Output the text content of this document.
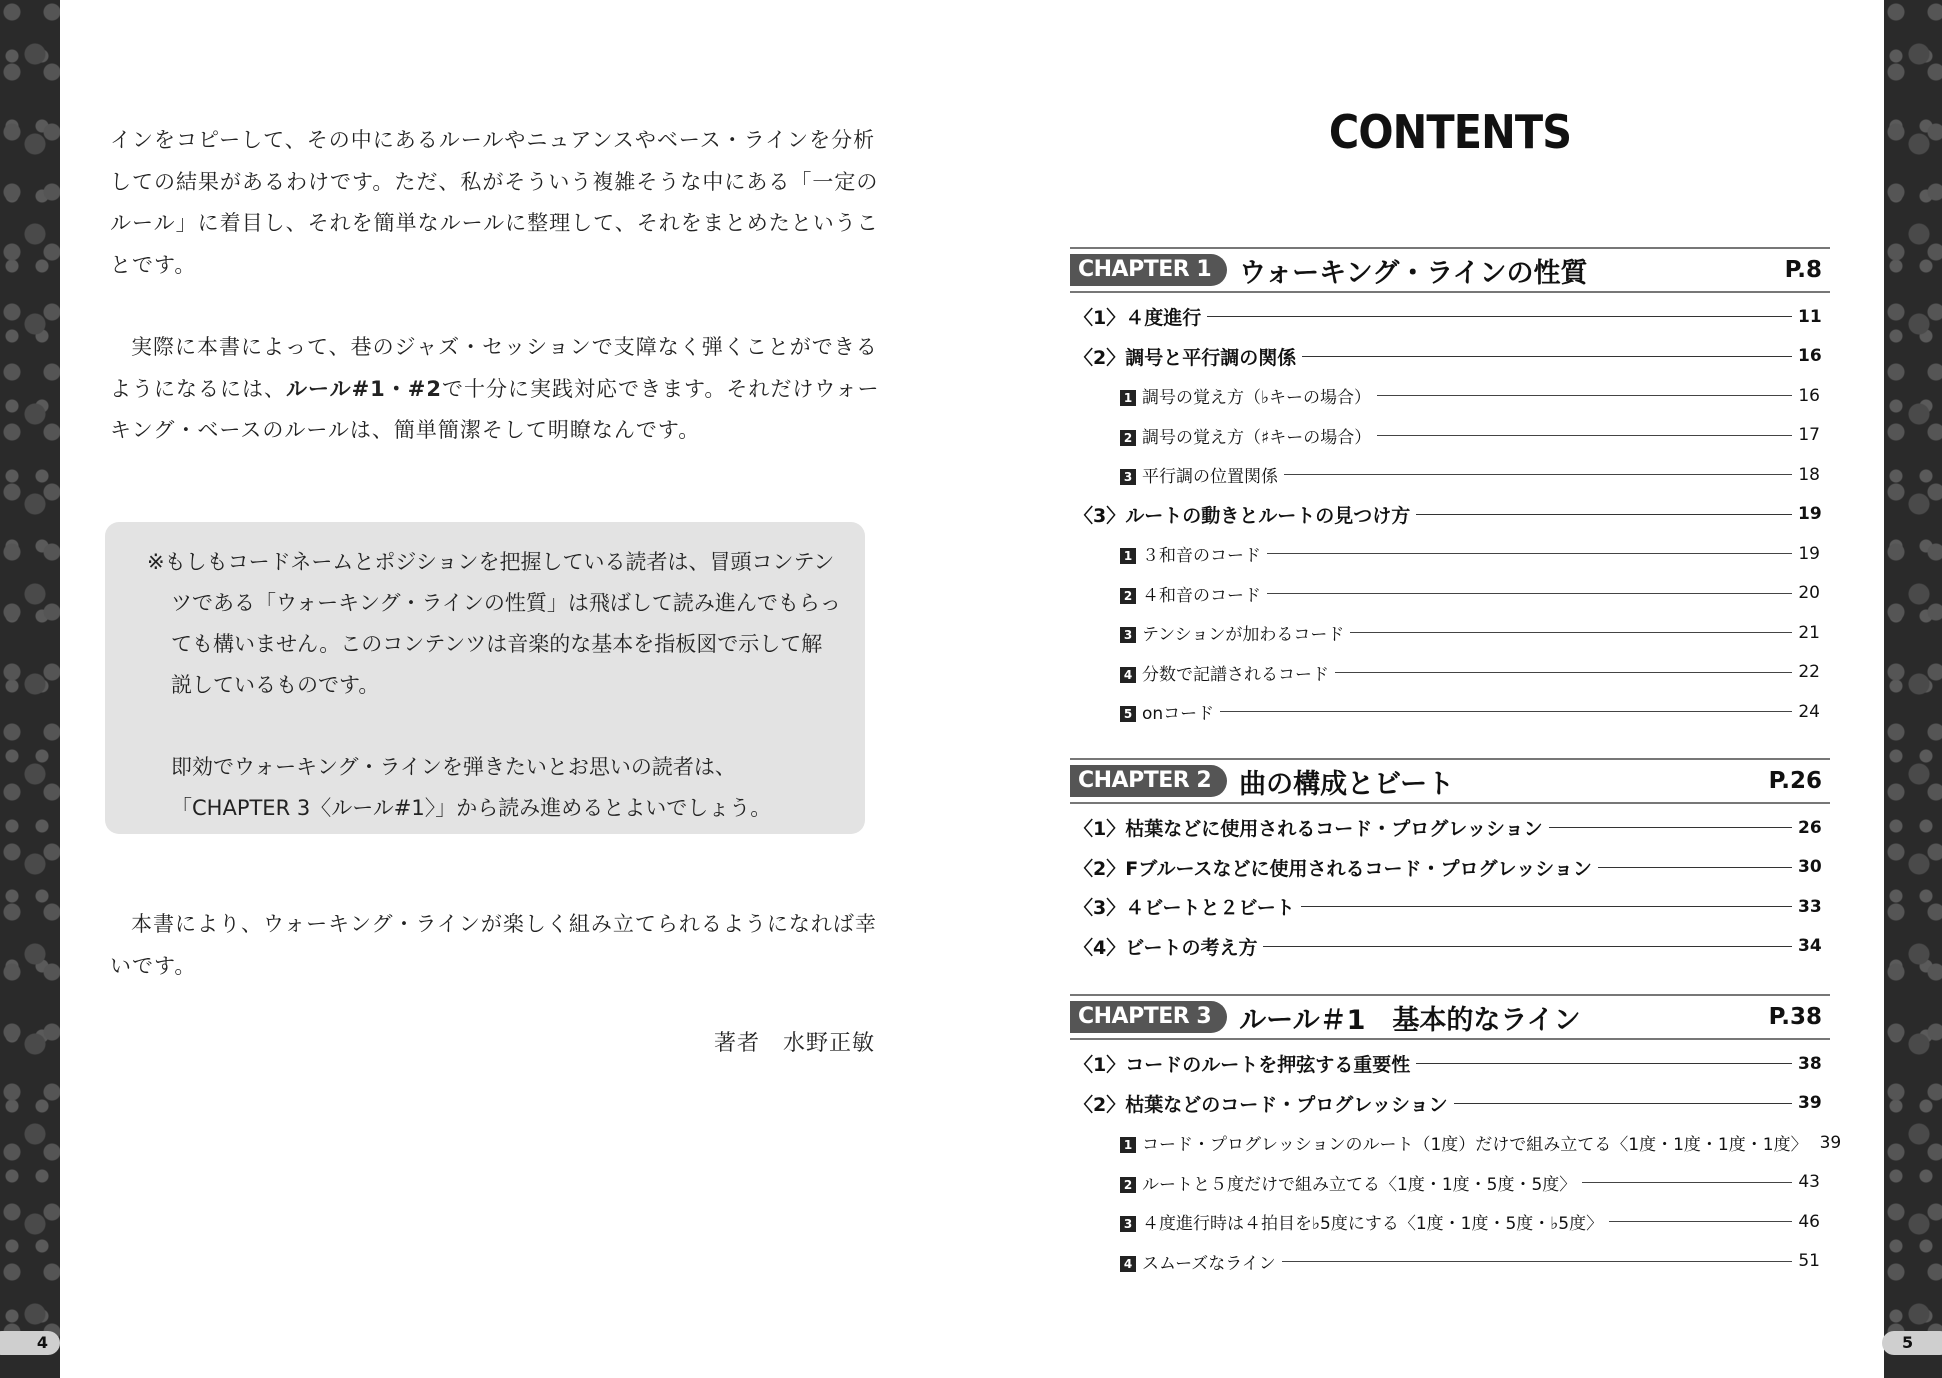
インをコピーして、その中にあるルールやニュアンスやベース・ラインを分析しての結果があるわけです。ただ、私がそういう複雑そうな中にある「一定のルール」に着目し、それを簡単なルールに整理して、それをまとめたということです。

実際に本書によって、巷のジャズ・セッションで支障なく弾くことができるようになるには、ルール#1・#2で十分に実践対応できます。それだけウォーキング・ベースのルールは、簡単簡潔そして明瞭なんです。

※もしもコードネームとポジションを把握している読者は、冒頭コンテンツである「ウォーキング・ラインの性質」は飛ばして読み進んでもらっても構いません。このコンテンツは音楽的な基本を指板図で示して解説しているものです。

即効でウォーキング・ラインを弾きたいとお思いの読者は、「CHAPTER 3〈ルール#1〉」から読み進めるとよいでしょう。

本書により、ウォーキング・ラインが楽しく組み立てられるようになれば幸いです。

著者　水野正敏
4
CONTENTS
CHAPTER 1	ウォーキング・ラインの性質	P.8
〈1〉４度進行	11
〈2〉調号と平行調の関係	16
1 調号の覚え方（♭キーの場合）	16
2 調号の覚え方（♯キーの場合）	17
3 平行調の位置関係	18
〈3〉ルートの動きとルートの見つけ方	19
1 ３和音のコード	19
2 ４和音のコード	20
3 テンションが加わるコード	21
4 分数で記譜されるコード	22
5 onコード	24
CHAPTER 2	曲の構成とビート	P.26
〈1〉枯葉などに使用されるコード・プログレッション	26
〈2〉Fブルースなどに使用されるコード・プログレッション	30
〈3〉４ビートと２ビート	33
〈4〉ビートの考え方	34
CHAPTER 3	ルール＃1　基本的なライン	P.38
〈1〉コードのルートを押弦する重要性	38
〈2〉枯葉などのコード・プログレッション	39
1 コード・プログレッションのルート（1度）だけで組み立てる〈1度・1度・1度・1度〉 39
2 ルートと５度だけで組み立てる〈1度・1度・5度・5度〉	43
3 ４度進行時は４拍目を♭5度にする〈1度・1度・5度・♭5度〉	46
4 スムーズなライン	51
5
